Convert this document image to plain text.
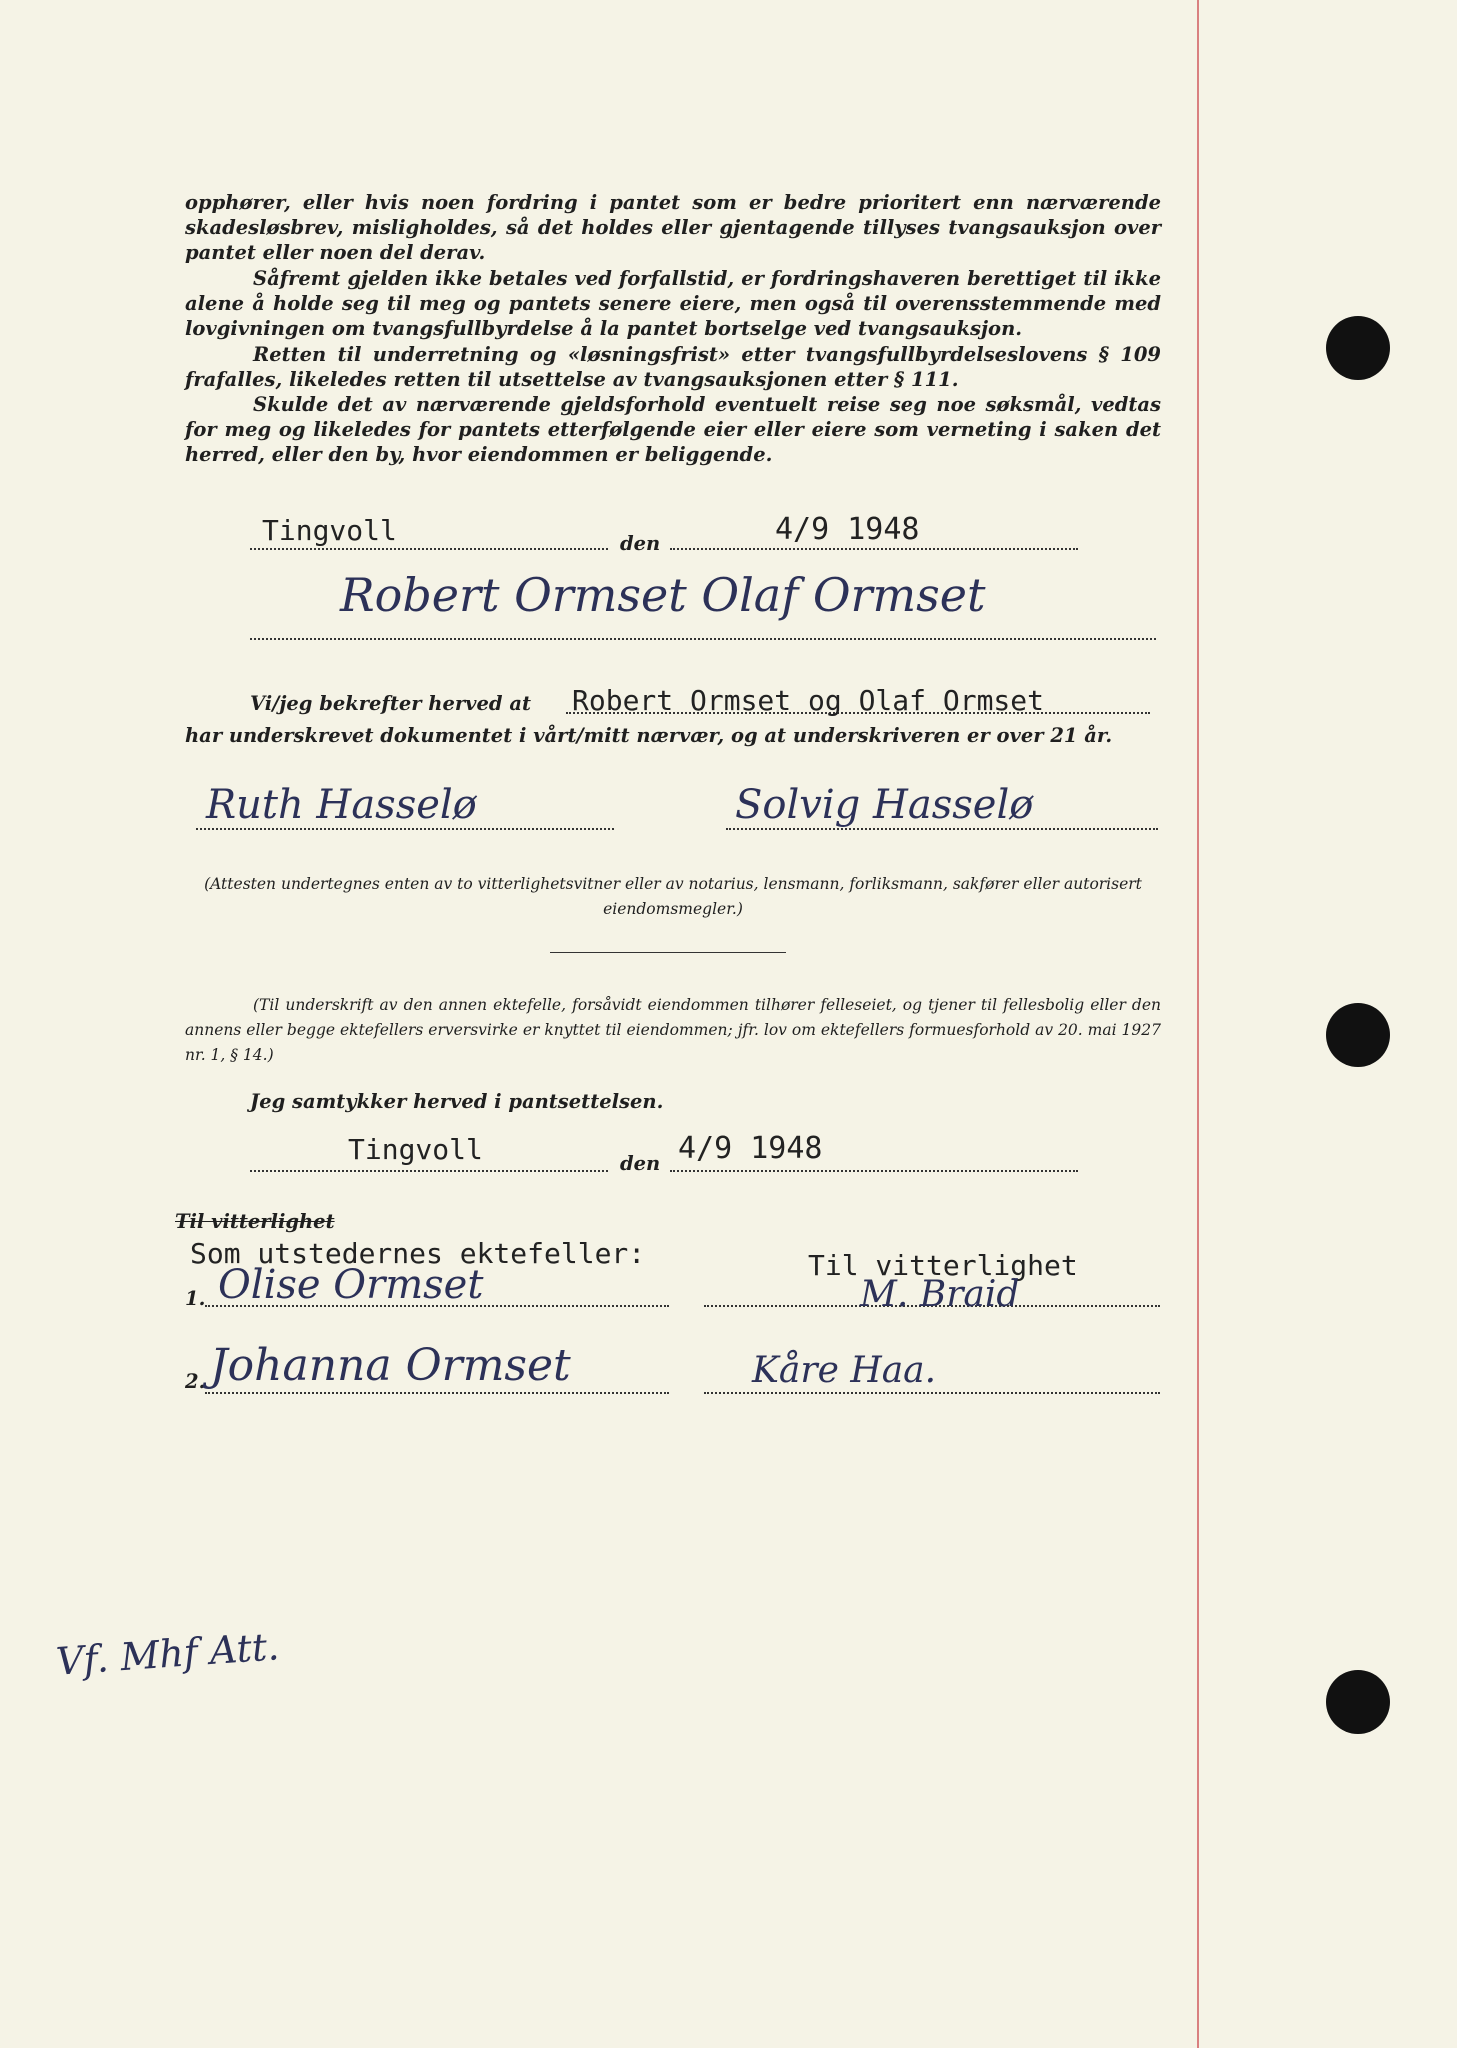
opphører, eller hvis noen fordring i pantet som er bedre prioritert enn nærværende skadesløsbrev, misligholdes, så det holdes eller gjentagende tillyses tvangsauksjon over pantet eller noen del derav.

Såfremt gjelden ikke betales ved forfallstid, er fordringshaveren berettiget til ikke alene å holde seg til meg og pantets senere eiere, men også til overensstemmende med lovgivningen om tvangsfullbyrdelse å la pantet bortselge ved tvangsauksjon.

Retten til underretning og «løsningsfrist» etter tvangsfullbyrdelseslovens § 109 frafalles, likeledes retten til utsettelse av tvangsauksjonen etter § 111.

Skulde det av nærværende gjeldsforhold eventuelt reise seg noe søksmål, vedtas for meg og likeledes for pantets etterfølgende eier eller eiere som verneting i saken det herred, eller den by, hvor eiendommen er beliggende.

Tingvoll	den	4/9 1948
Robert Ormset Olaf Ormset
Vi/jeg bekrefter herved at Robert Ormset og Olaf Ormset
har underskrevet dokumentet i vårt/mitt nærvær, og at underskriveren er over 21 år.
Ruth Hasselø	Solvig Hasselø

(Attesten undertegnes enten av to vitterlighetsvitner eller av notarius, lensmann, forliksmann, sakfører eller autorisert eiendomsmegler.)

(Til underskrift av den annen ektefelle, forsåvidt eiendommen tilhører felleseiet, og tjener til fellesbolig eller den annens eller begge ektefellers erversvirke er knyttet til eiendommen; jfr. lov om ektefellers formuesforhold av 20. mai 1927 nr. 1, § 14.)

Jeg samtykker herved i pantsettelsen.
Tingvoll	den 4/9 1948
Til vitterlighet
Som utstedernes ektefeller:	Til vitterlighet
1. Olise Ormset	M. Braid
2. Johanna Ormset	Kåre Haa.
Vf. Mhf Att.
